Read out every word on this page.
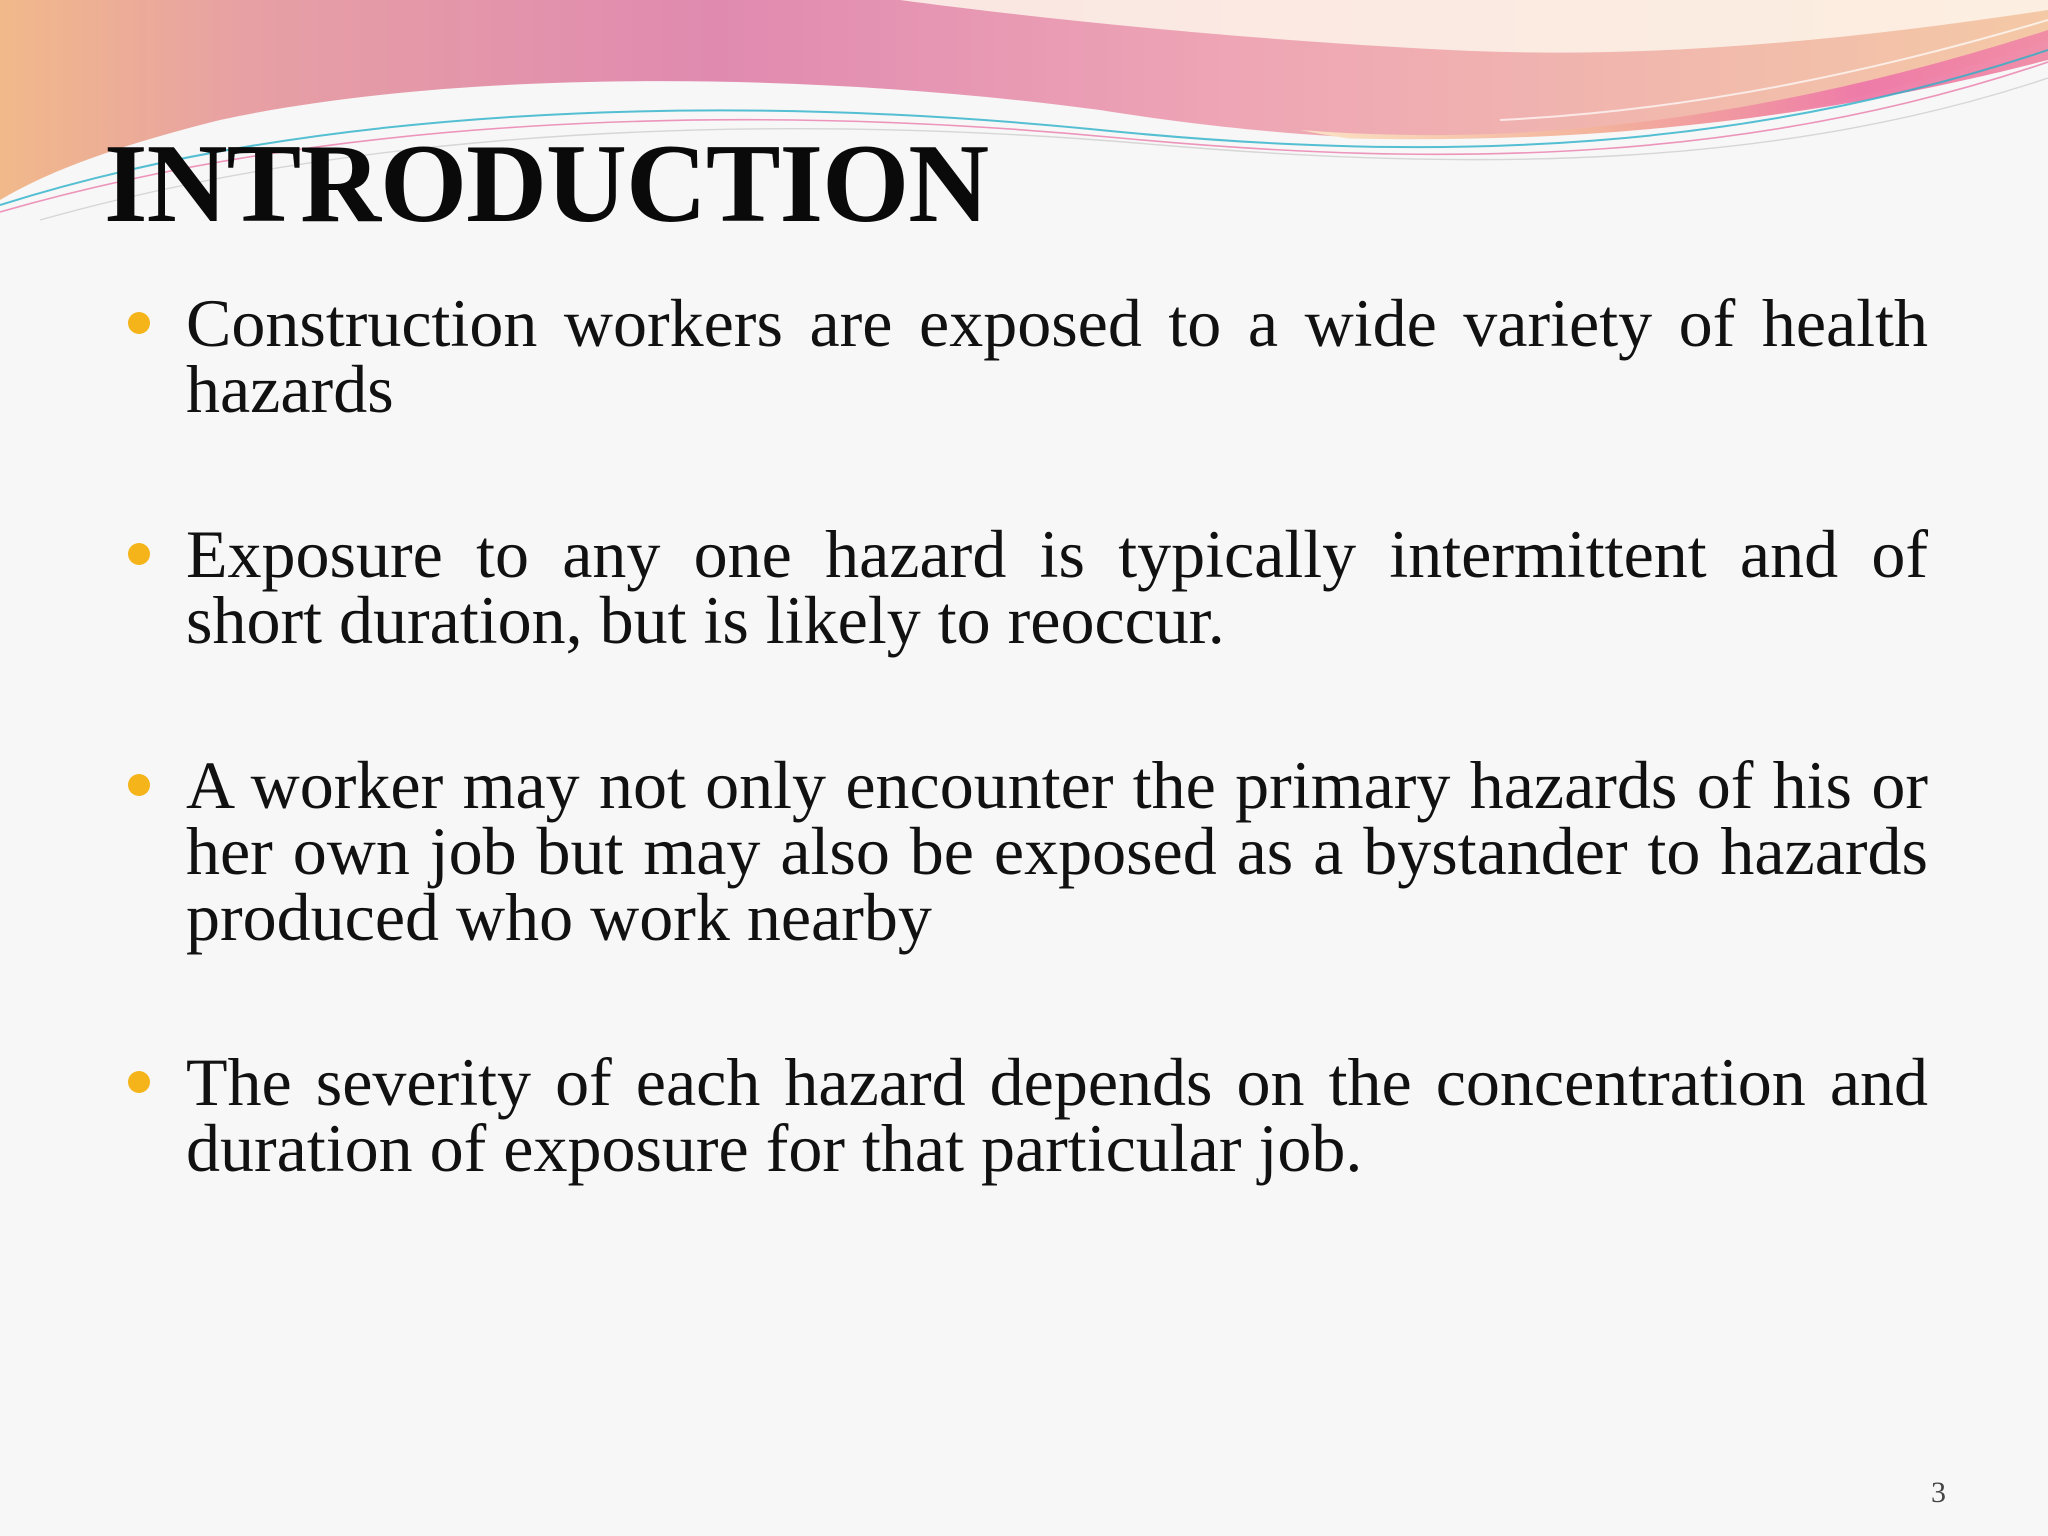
INTRODUCTION
Construction workers are exposed to a wide variety of health hazards
Exposure to any one hazard is typically intermittent and of short duration, but is likely to reoccur.
A worker may not only encounter the primary hazards of his or her own job but may also be exposed as a bystander to hazards produced who work nearby
The severity of each hazard depends on the concentration and duration of exposure for that particular job.
3
